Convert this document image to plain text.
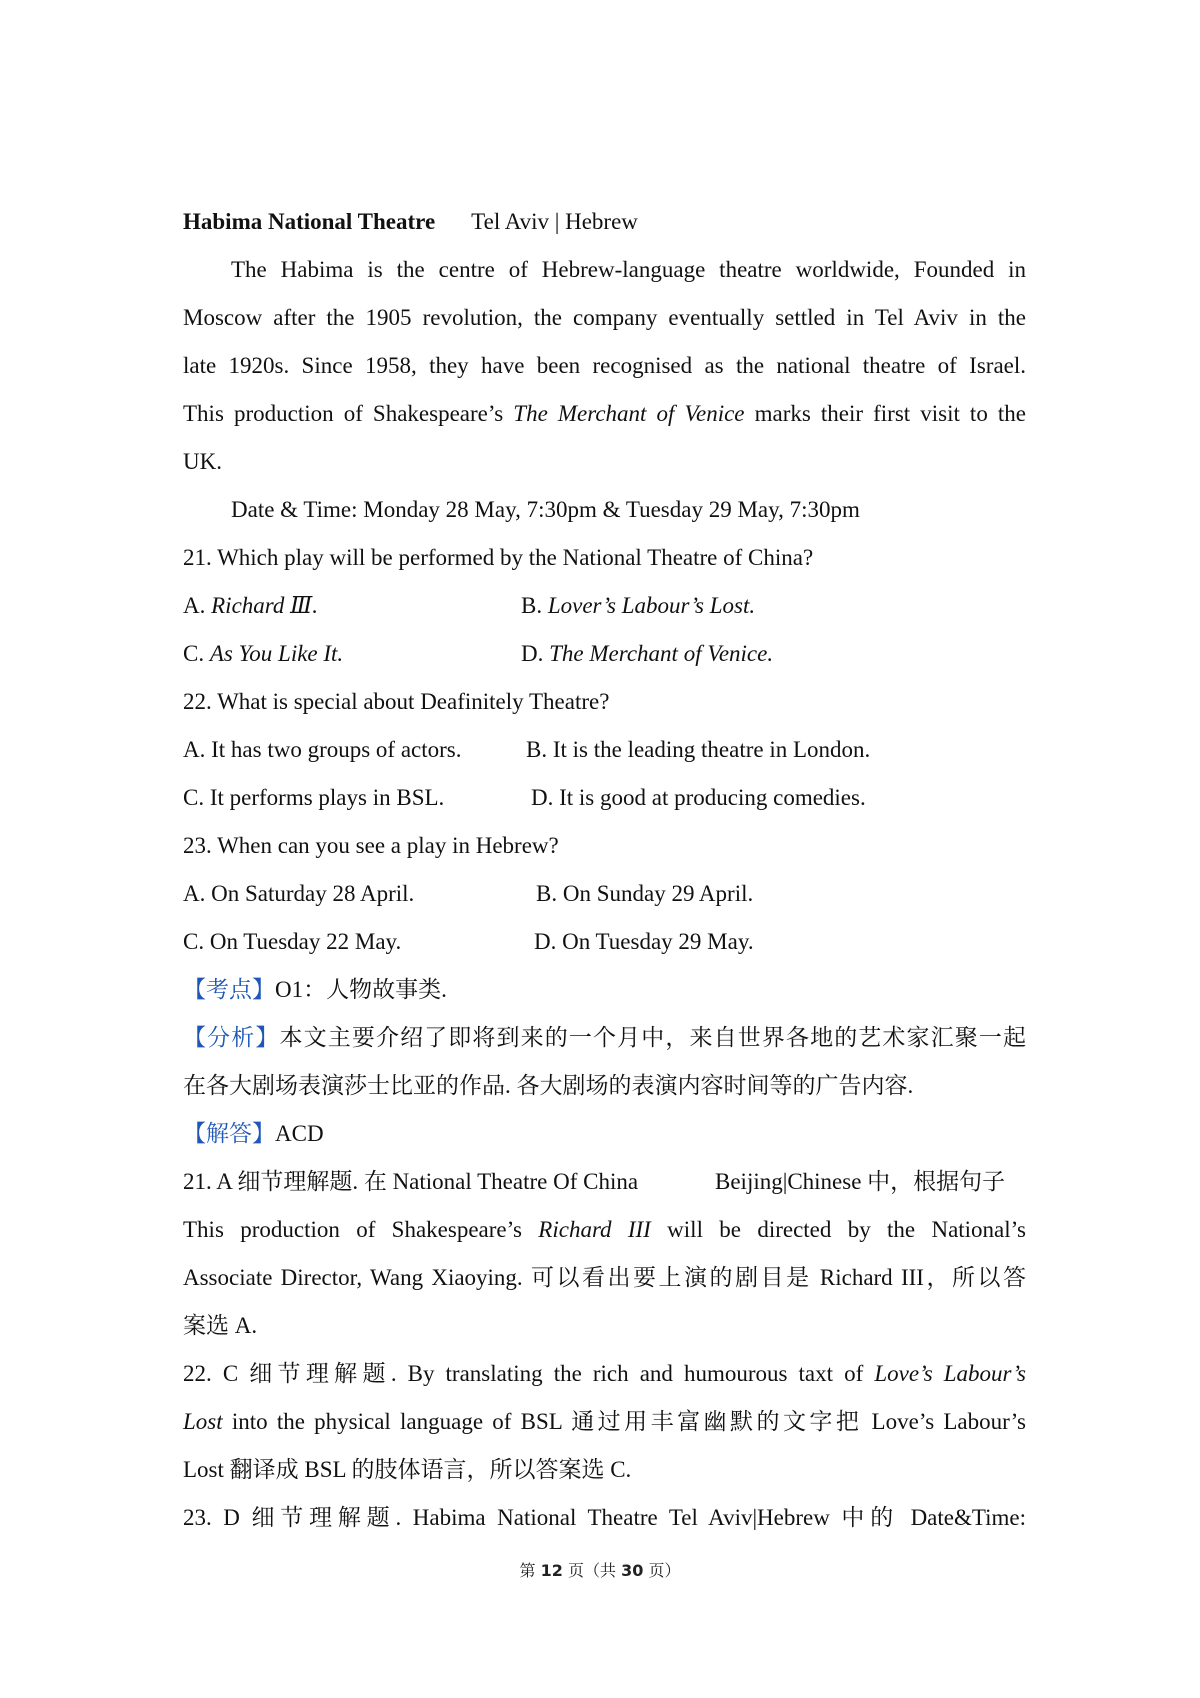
Habima National Theatre Tel Aviv | Hebrew
The Habima is the centre of Hebrew-language theatre worldwide, Founded in
Moscow after the 1905 revolution, the company eventually settled in Tel Aviv in the
late 1920s. Since 1958, they have been recognised as the national theatre of Israel.
This production of Shakespeare’s The Merchant of Venice marks their first visit to the
UK.
Date & Time: Monday 28 May, 7:30pm & Tuesday 29 May, 7:30pm
21. Which play will be performed by the National Theatre of China?
A. Richard Ⅲ.	B. Lover’s Labour’s Lost.
C. As You Like It.	D. The Merchant of Venice.
22. What is special about Deafinitely Theatre?
A. It has two groups of actors.	B. It is the leading theatre in London.
C. It performs plays in BSL.	D. It is good at producing comedies.
23. When can you see a play in Hebrew?
A. On Saturday 28 April.	B. On Sunday 29 April.
C. On Tuesday 22 May.	D. On Tuesday 29 May.
【考点】O1：人物故事类.
【分析】本文主要介绍了即将到来的一个月中，来自世界各地的艺术家汇聚一起
在各大剧场表演莎士比亚的作品. 各大剧场的表演内容时间等的广告内容.
【解答】ACD
21. A 细节理解题. 在 National Theatre Of China	Beijing|Chinese 中，根据句子
This production of Shakespeare’s Richard III will be directed by the National’s
Associate Director, Wang Xiaoying. 可以看出要上演的剧目是 Richard III，所以答
案选 A.
22. C 细节理解题. By translating the rich and humourous taxt of Love’s Labour’s
Lost into the physical language of BSL 通过用丰富幽默的文字把 Love’s Labour’s
Lost 翻译成 BSL 的肢体语言，所以答案选 C.
23. D 细节理解题. Habima National Theatre Tel Aviv|Hebrew 中的 Date&Time:
第 12 页（共 30 页）
